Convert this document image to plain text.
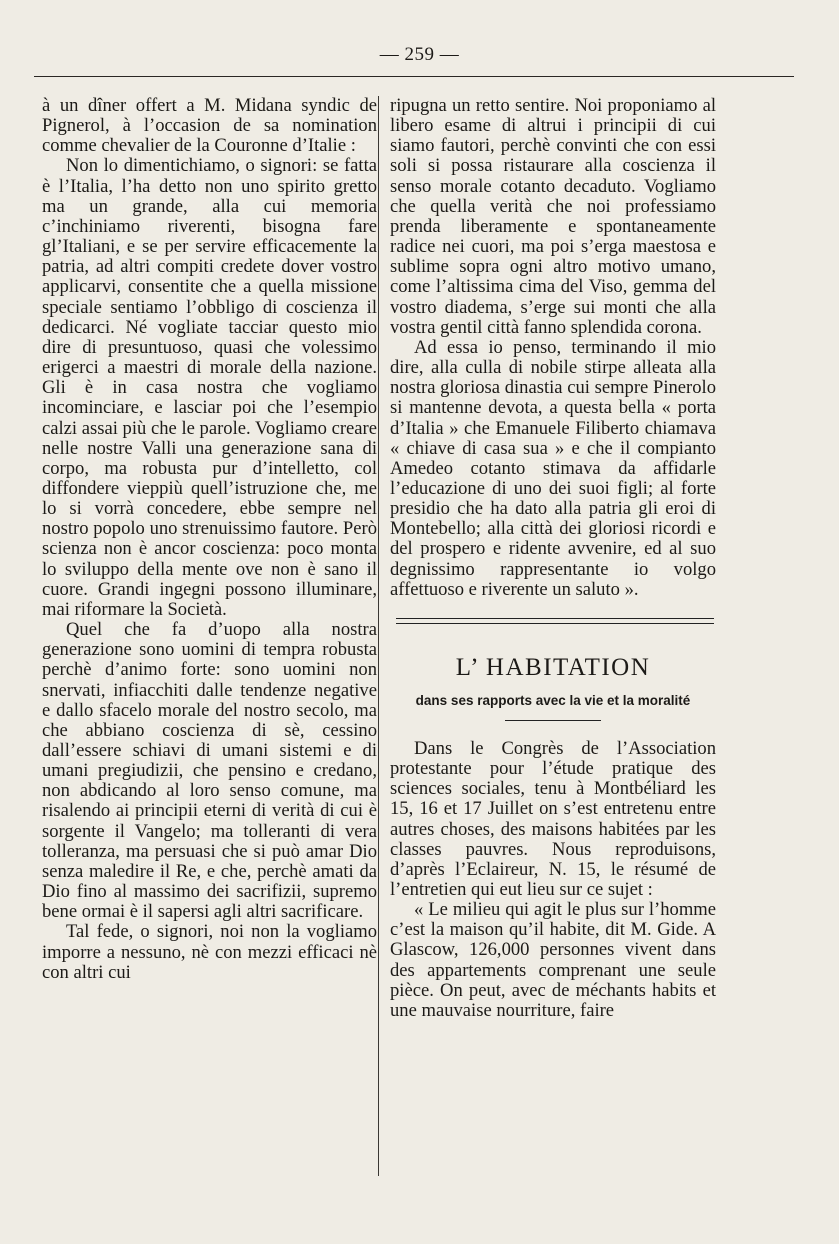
— 259 —

à un dîner offert a M. Midana syndic de Pignerol, à l’occasion de sa nomination comme chevalier de la Couronne d’Italie :

Non lo dimentichiamo, o signori: se fatta è l’Italia, l’ha detto non uno spirito gretto ma un grande, alla cui memoria c’inchiniamo riverenti, bisogna fare gl’Italiani, e se per servire efficacemente la patria, ad altri compiti credete dover vostro applicarvi, consentite che a quella missione speciale sentiamo l’obbligo di coscienza il dedicarci. Né vogliate tacciar questo mio dire di presuntuoso, quasi che volessimo erigerci a maestri di morale della nazione. Gli è in casa nostra che vogliamo incominciare, e lasciar poi che l’esempio calzi assai più che le parole. Vogliamo creare nelle nostre Valli una generazione sana di corpo, ma robusta pur d’intelletto, col diffondere vieppiù quell’istruzione che, me lo si vorrà concedere, ebbe sempre nel nostro popolo uno strenuissimo fautore. Però scienza non è ancor coscienza: poco monta lo sviluppo della mente ove non è sano il cuore. Grandi ingegni possono illuminare, mai riformare la Società.

Quel che fa d’uopo alla nostra generazione sono uomini di tempra robusta perchè d’animo forte: sono uomini non snervati, infiacchiti dalle tendenze negative e dallo sfacelo morale del nostro secolo, ma che abbiano coscienza di sè, cessino dall’essere schiavi di umani sistemi e di umani pregiudizii, che pensino e credano, non abdicando al loro senso comune, ma risalendo ai principii eterni di verità di cui è sorgente il Vangelo; ma tolleranti di vera tolleranza, ma persuasi che si può amar Dio senza maledire il Re, e che, perchè amati da Dio fino al massimo dei sacrifizii, supremo bene ormai è il sapersi agli altri sacrificare.

Tal fede, o signori, noi non la vogliamo imporre a nessuno, nè con mezzi efficaci nè con altri cui

ripugna un retto sentire. Noi proponiamo al libero esame di altrui i principii di cui siamo fautori, perchè convinti che con essi soli si possa ristaurare alla coscienza il senso morale cotanto decaduto. Vogliamo che quella verità che noi professiamo prenda liberamente e spontaneamente radice nei cuori, ma poi s’erga maestosa e sublime sopra ogni altro motivo umano, come l’altissima cima del Viso, gemma del vostro diadema, s’erge sui monti che alla vostra gentil città fanno splendida corona.

Ad essa io penso, terminando il mio dire, alla culla di nobile stirpe alleata alla nostra gloriosa dinastia cui sempre Pinerolo si mantenne devota, a questa bella « porta d’Italia » che Emanuele Filiberto chiamava « chiave di casa sua » e che il compianto Amedeo cotanto stimava da affidarle l’educazione di uno dei suoi figli; al forte presidio che ha dato alla patria gli eroi di Montebello; alla città dei gloriosi ricordi e del prospero e ridente avvenire, ed al suo degnissimo rappresentante io volgo affettuoso e riverente un saluto ».

L’ HABITATION
dans ses rapports avec la vie et la moralité

Dans le Congrès de l’Association protestante pour l’étude pratique des sciences sociales, tenu à Montbéliard les 15, 16 et 17 Juillet on s’est entretenu entre autres choses, des maisons habitées par les classes pauvres. Nous reproduisons, d’après l’Eclaireur, N. 15, le résumé de l’entretien qui eut lieu sur ce sujet :

« Le milieu qui agit le plus sur l’homme c’est la maison qu’il habite, dit M. Gide. A Glascow, 126,000 personnes vivent dans des appartements comprenant une seule pièce. On peut, avec de méchants habits et une mauvaise nourriture, faire
